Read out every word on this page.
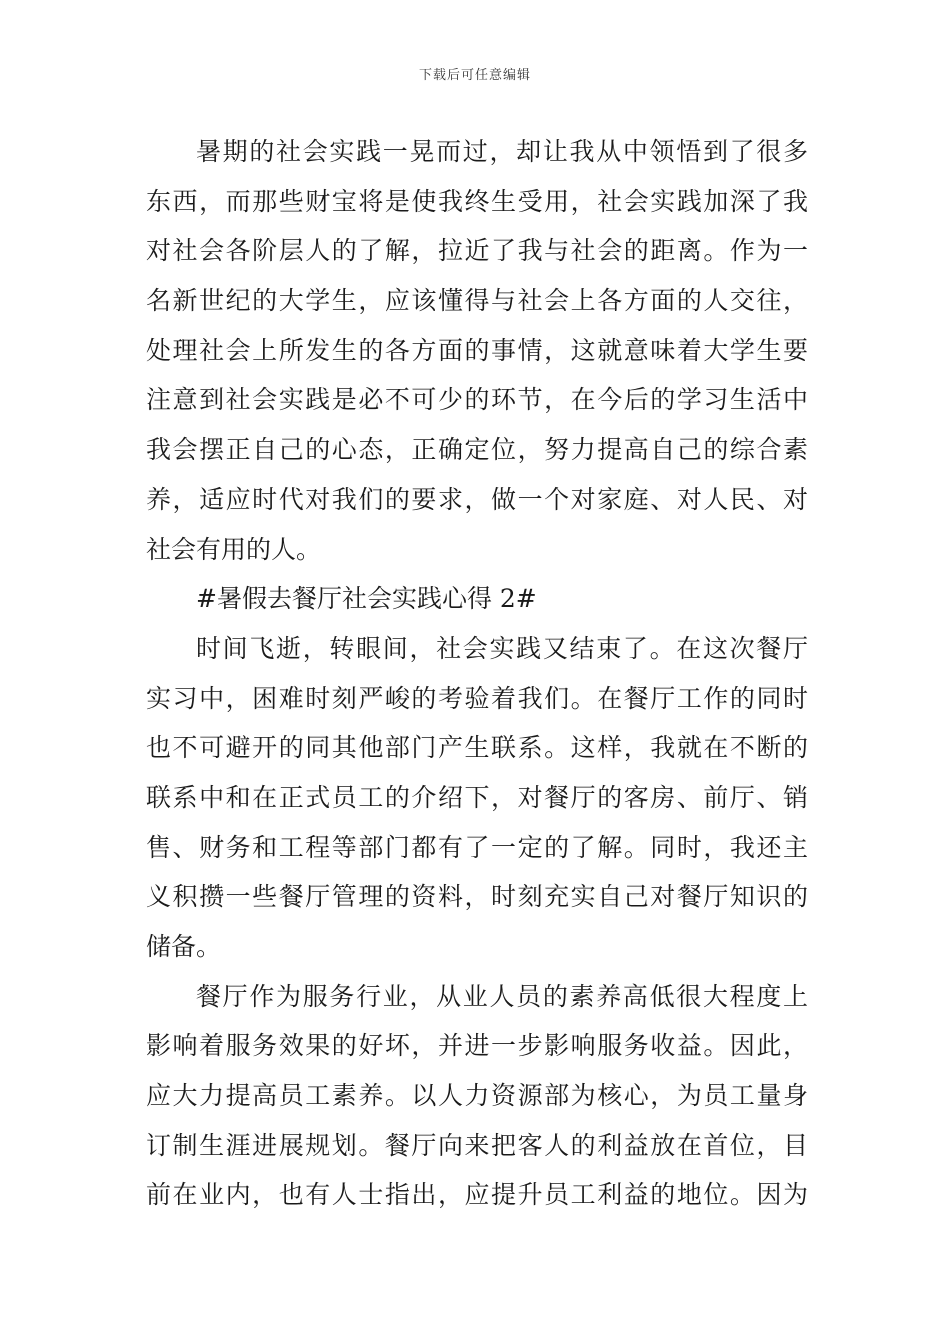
下载后可任意编辑
暑期的社会实践一晃而过，却让我从中领悟到了很多
东西，而那些财宝将是使我终生受用，社会实践加深了我
对社会各阶层人的了解，拉近了我与社会的距离。作为一
名新世纪的大学生，应该懂得与社会上各方面的人交往，
处理社会上所发生的各方面的事情，这就意味着大学生要
注意到社会实践是必不可少的环节，在今后的学习生活中
我会摆正自己的心态，正确定位，努力提高自己的综合素
养，适应时代对我们的要求，做一个对家庭、对人民、对
社会有用的人。
#暑假去餐厅社会实践心得 2#
时间飞逝，转眼间，社会实践又结束了。在这次餐厅
实习中，困难时刻严峻的考验着我们。在餐厅工作的同时
也不可避开的同其他部门产生联系。这样，我就在不断的
联系中和在正式员工的介绍下，对餐厅的客房、前厅、销
售、财务和工程等部门都有了一定的了解。同时，我还主
义积攒一些餐厅管理的资料，时刻充实自己对餐厅知识的
储备。
餐厅作为服务行业，从业人员的素养高低很大程度上
影响着服务效果的好坏，并进一步影响服务收益。因此，
应大力提高员工素养。以人力资源部为核心，为员工量身
订制生涯进展规划。餐厅向来把客人的利益放在首位，目
前在业内，也有人士指出，应提升员工利益的地位。因为
